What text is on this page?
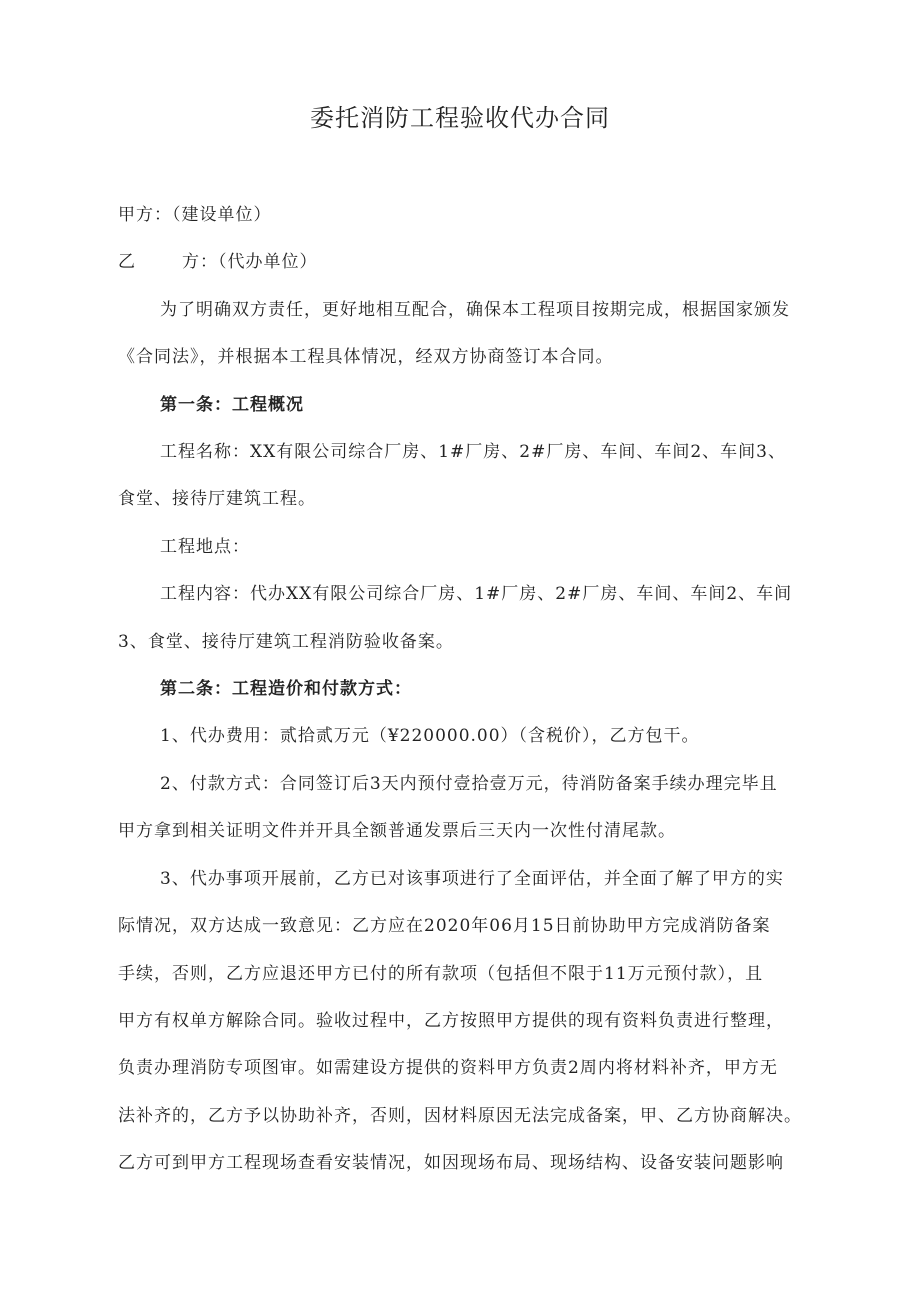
委托消防工程验收代办合同

甲方：（建设单位）

乙	方：（代办单位）

为了明确双方责任，更好地相互配合，确保本工程项目按期完成，根据国家颁发

《合同法》，并根据本工程具体情况，经双方协商签订本合同。

第一条：工程概况

工程名称：XX有限公司综合厂房、1#厂房、2#厂房、车间、车间2、车间3、

食堂、接待厅建筑工程。

工程地点：

工程内容：代办XX有限公司综合厂房、1#厂房、2#厂房、车间、车间2、车间

3、食堂、接待厅建筑工程消防验收备案。

第二条：工程造价和付款方式：

1、代办费用：贰拾贰万元（¥220000.00）（含税价），乙方包干。

2、付款方式：合同签订后3天内预付壹拾壹万元，待消防备案手续办理完毕且

甲方拿到相关证明文件并开具全额普通发票后三天内一次性付清尾款。

3、代办事项开展前，乙方已对该事项进行了全面评估，并全面了解了甲方的实

际情况，双方达成一致意见：乙方应在2020年06月15日前协助甲方完成消防备案

手续，否则，乙方应退还甲方已付的所有款项（包括但不限于11万元预付款），且

甲方有权单方解除合同。验收过程中，乙方按照甲方提供的现有资料负责进行整理，

负责办理消防专项图审。如需建设方提供的资料甲方负责2周内将材料补齐，甲方无

法补齐的，乙方予以协助补齐，否则，因材料原因无法完成备案，甲、乙方协商解决。

乙方可到甲方工程现场查看安装情况，如因现场布局、现场结构、设备安装问题影响
